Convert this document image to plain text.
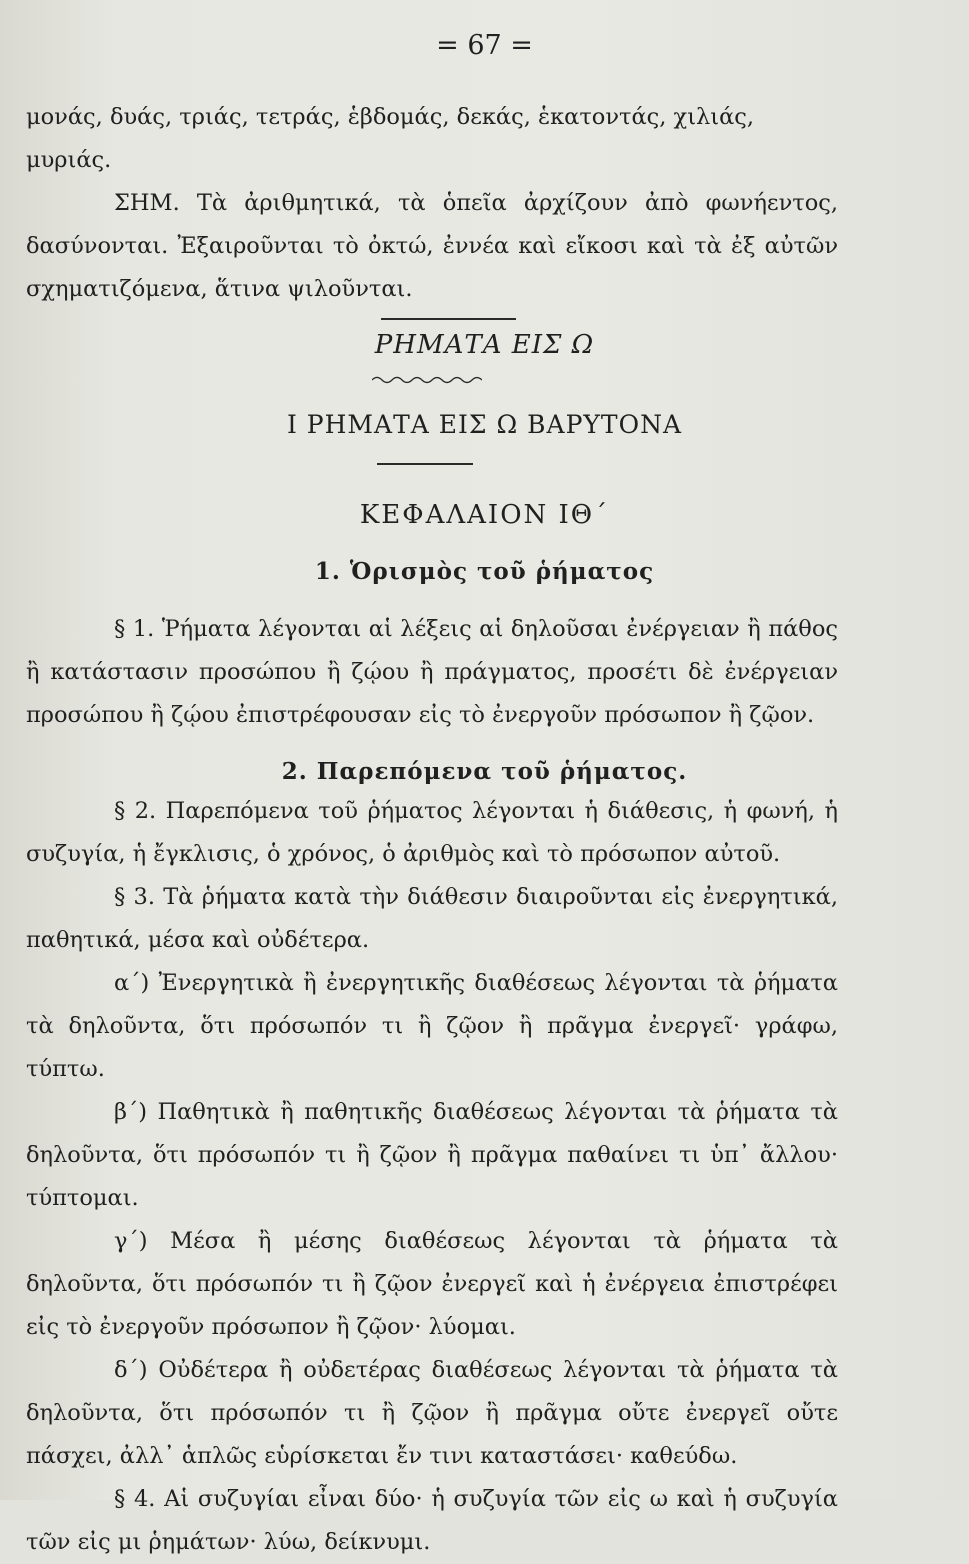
= 67 =

μονάς, δυάς, τριάς, τετράς, ἑβδομάς, δεκάς, ἑκατοντάς, χιλιάς,

μυριάς.

ΣΗΜ. Τὰ ἀριθμητικά, τὰ ὁπεῖα ἀρχίζουν ἀπὸ φωνήεντος, δασύνονται. Ἐξαιροῦνται τὸ ὀκτώ, ἐννέα καὶ εἴκοσι καὶ τὰ ἐξ αὐτῶν σχηματιζόμενα, ἅτινα ψιλοῦνται.

ΡΗΜΑΤΑ ΕΙΣ Ω
Ι ΡΗΜΑΤΑ ΕΙΣ Ω ΒΑΡΥΤΟΝΑ
ΚΕΦΑΛΑΙΟΝ ΙΘ΄
1. Ὁρισμὸς τοῦ ῥήματος
§ 1. Ῥήματα λέγονται αἱ λέξεις αἱ δηλοῦσαι ἐνέργειαν ἢ πάθος ἢ κατάστασιν προσώπου ἢ ζῴου ἢ πράγματος, προσέτι δὲ ἐνέργειαν προσώπου ἢ ζῴου ἐπιστρέφουσαν εἰς τὸ ἐνεργοῦν πρόσωπον ἢ ζῷον.
2. Παρεπόμενα τοῦ ῥήματος.

§ 2. Παρεπόμενα τοῦ ῥήματος λέγονται ἡ διάθεσις, ἡ φωνή, ἡ συζυγία, ἡ ἔγκλισις, ὁ χρόνος, ὁ ἀριθμὸς καὶ τὸ πρόσωπον αὐτοῦ.

§ 3. Τὰ ῥήματα κατὰ τὴν διάθεσιν διαιροῦνται εἰς ἐνεργητικά, παθητικά, μέσα καὶ οὐδέτερα.

α΄) Ἐνεργητικὰ ἢ ἐνεργητικῆς διαθέσεως λέγονται τὰ ῥήματα τὰ δηλοῦντα, ὅτι πρόσωπόν τι ἢ ζῷον ἢ πρᾶγμα ἐνεργεῖ· γράφω, τύπτω.

β΄) Παθητικὰ ἢ παθητικῆς διαθέσεως λέγονται τὰ ῥήματα τὰ δηλοῦντα, ὅτι πρόσωπόν τι ἢ ζῷον ἢ πρᾶγμα παθαίνει τι ὑπ᾿ ἄλλου· τύπτομαι.

γ΄) Μέσα ἢ μέσης διαθέσεως λέγονται τὰ ῥήματα τὰ δηλοῦντα, ὅτι πρόσωπόν τι ἢ ζῷον ἐνεργεῖ καὶ ἡ ἐνέργεια ἐπιστρέφει εἰς τὸ ἐνεργοῦν πρόσωπον ἢ ζῷον· λύομαι.

δ΄) Οὐδέτερα ἢ οὐδετέρας διαθέσεως λέγονται τὰ ῥήματα τὰ δηλοῦντα, ὅτι πρόσωπόν τι ἢ ζῷον ἢ πρᾶγμα οὔτε ἐνεργεῖ οὔτε πάσχει, ἀλλ᾿ ἁπλῶς εὑρίσκεται ἔν τινι καταστάσει· καθεύδω.

§ 4. Αἱ συζυγίαι εἶναι δύο· ἡ συζυγία τῶν εἰς ω καὶ ἡ συζυγία τῶν εἰς μι ῥημάτων· λύω, δείκνυμι.
